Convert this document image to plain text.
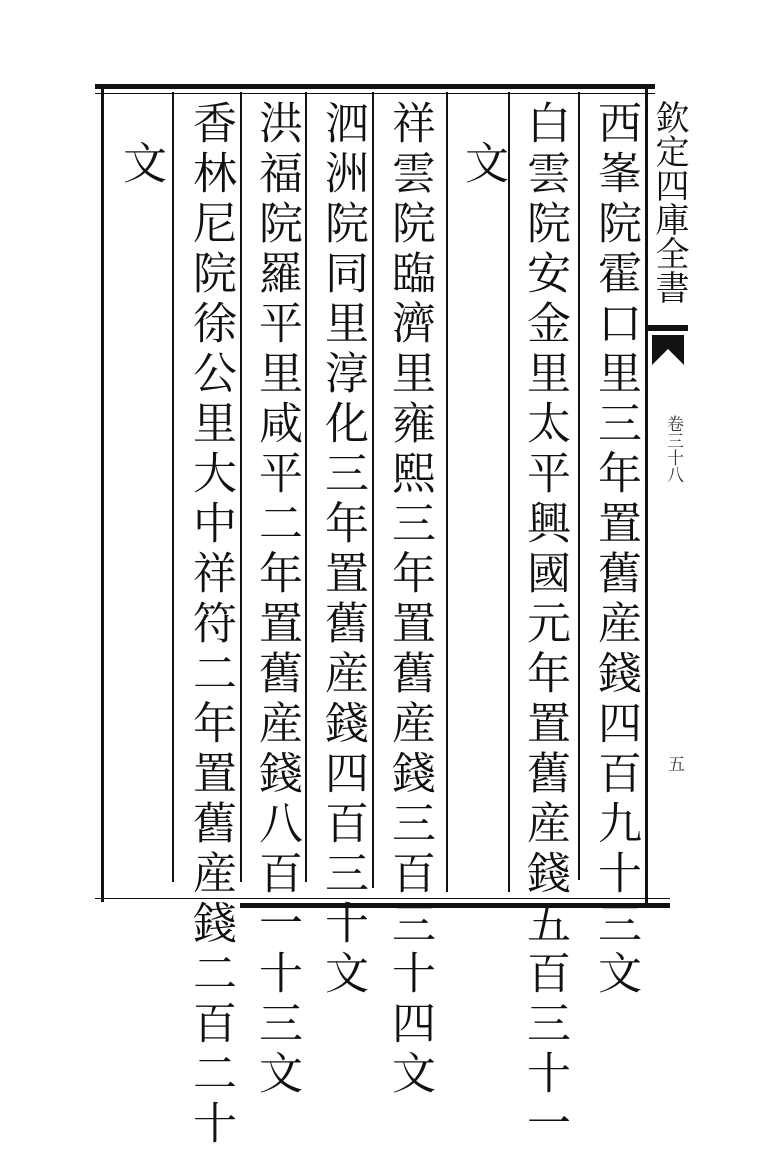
西峯院霍口里三年置舊産錢四百九十三文
白雲院安金里太平興國元年置舊産錢五百三十一
文
祥雲院臨濟里雍熙三年置舊産錢三百三十四文
泗洲院同里淳化三年置舊産錢四百三十文
洪福院羅平里咸平二年置舊産錢八百一十三文
香林尼院徐公里大中祥符二年置舊産錢二百二十
文	欽定四庫全書
卷三十八
五
